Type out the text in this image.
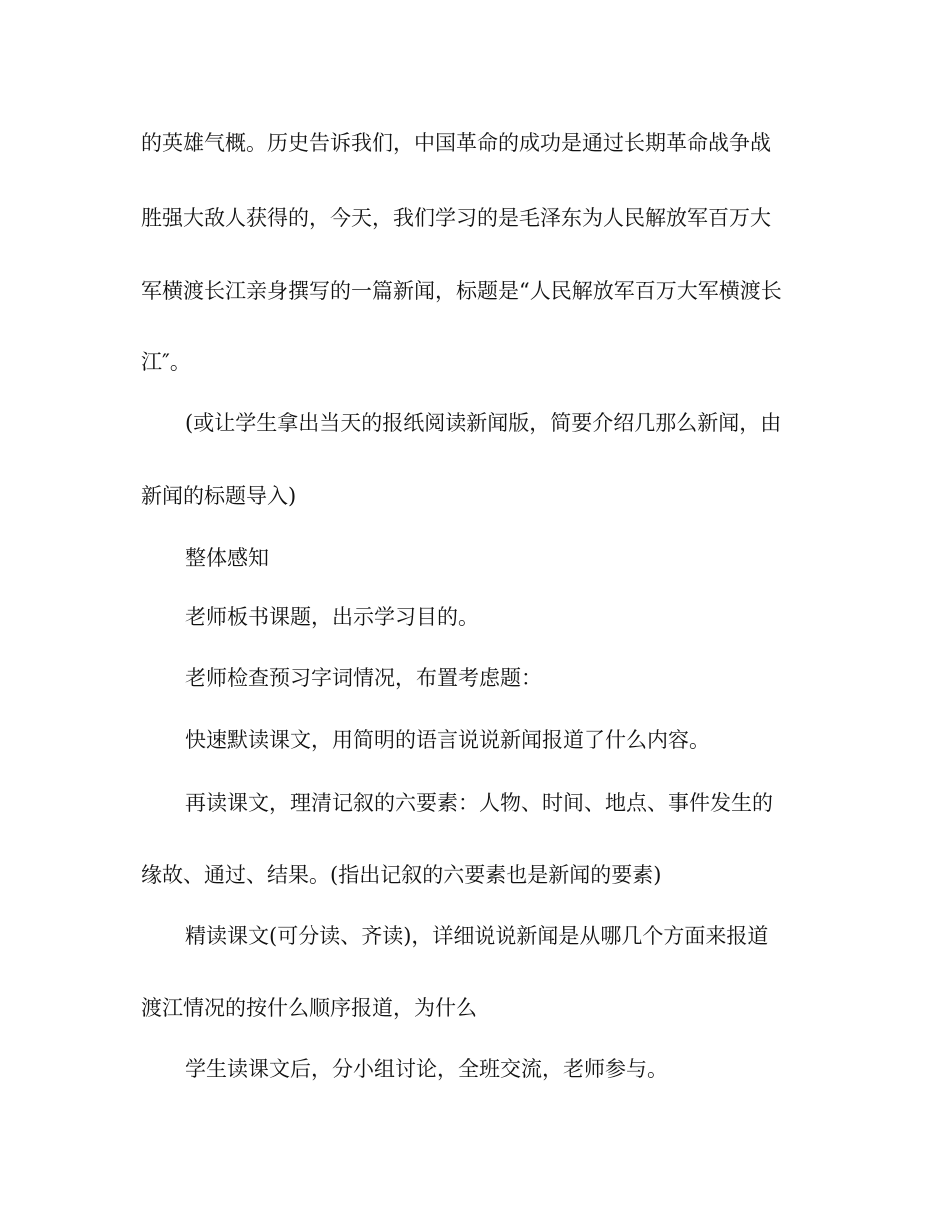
的英雄气概。历史告诉我们，中国革命的成功是通过长期革命战争战
胜强大敌人获得的，今天，我们学习的是毛泽东为人民解放军百万大
军横渡长江亲身撰写的一篇新闻，标题是“人民解放军百万大军横渡长
江″。
(或让学生拿出当天的报纸阅读新闻版，简要介绍几那么新闻，由
新闻的标题导入)
整体感知
老师板书课题，出示学习目的。
老师检查预习字词情况，布置考虑题：
快速默读课文，用简明的语言说说新闻报道了什么内容。
再读课文，理清记叙的六要素：人物、时间、地点、事件发生的
缘故、通过、结果。(指出记叙的六要素也是新闻的要素)
精读课文(可分读、齐读)，详细说说新闻是从哪几个方面来报道
渡江情况的按什么顺序报道，为什么
学生读课文后，分小组讨论，全班交流，老师参与。
